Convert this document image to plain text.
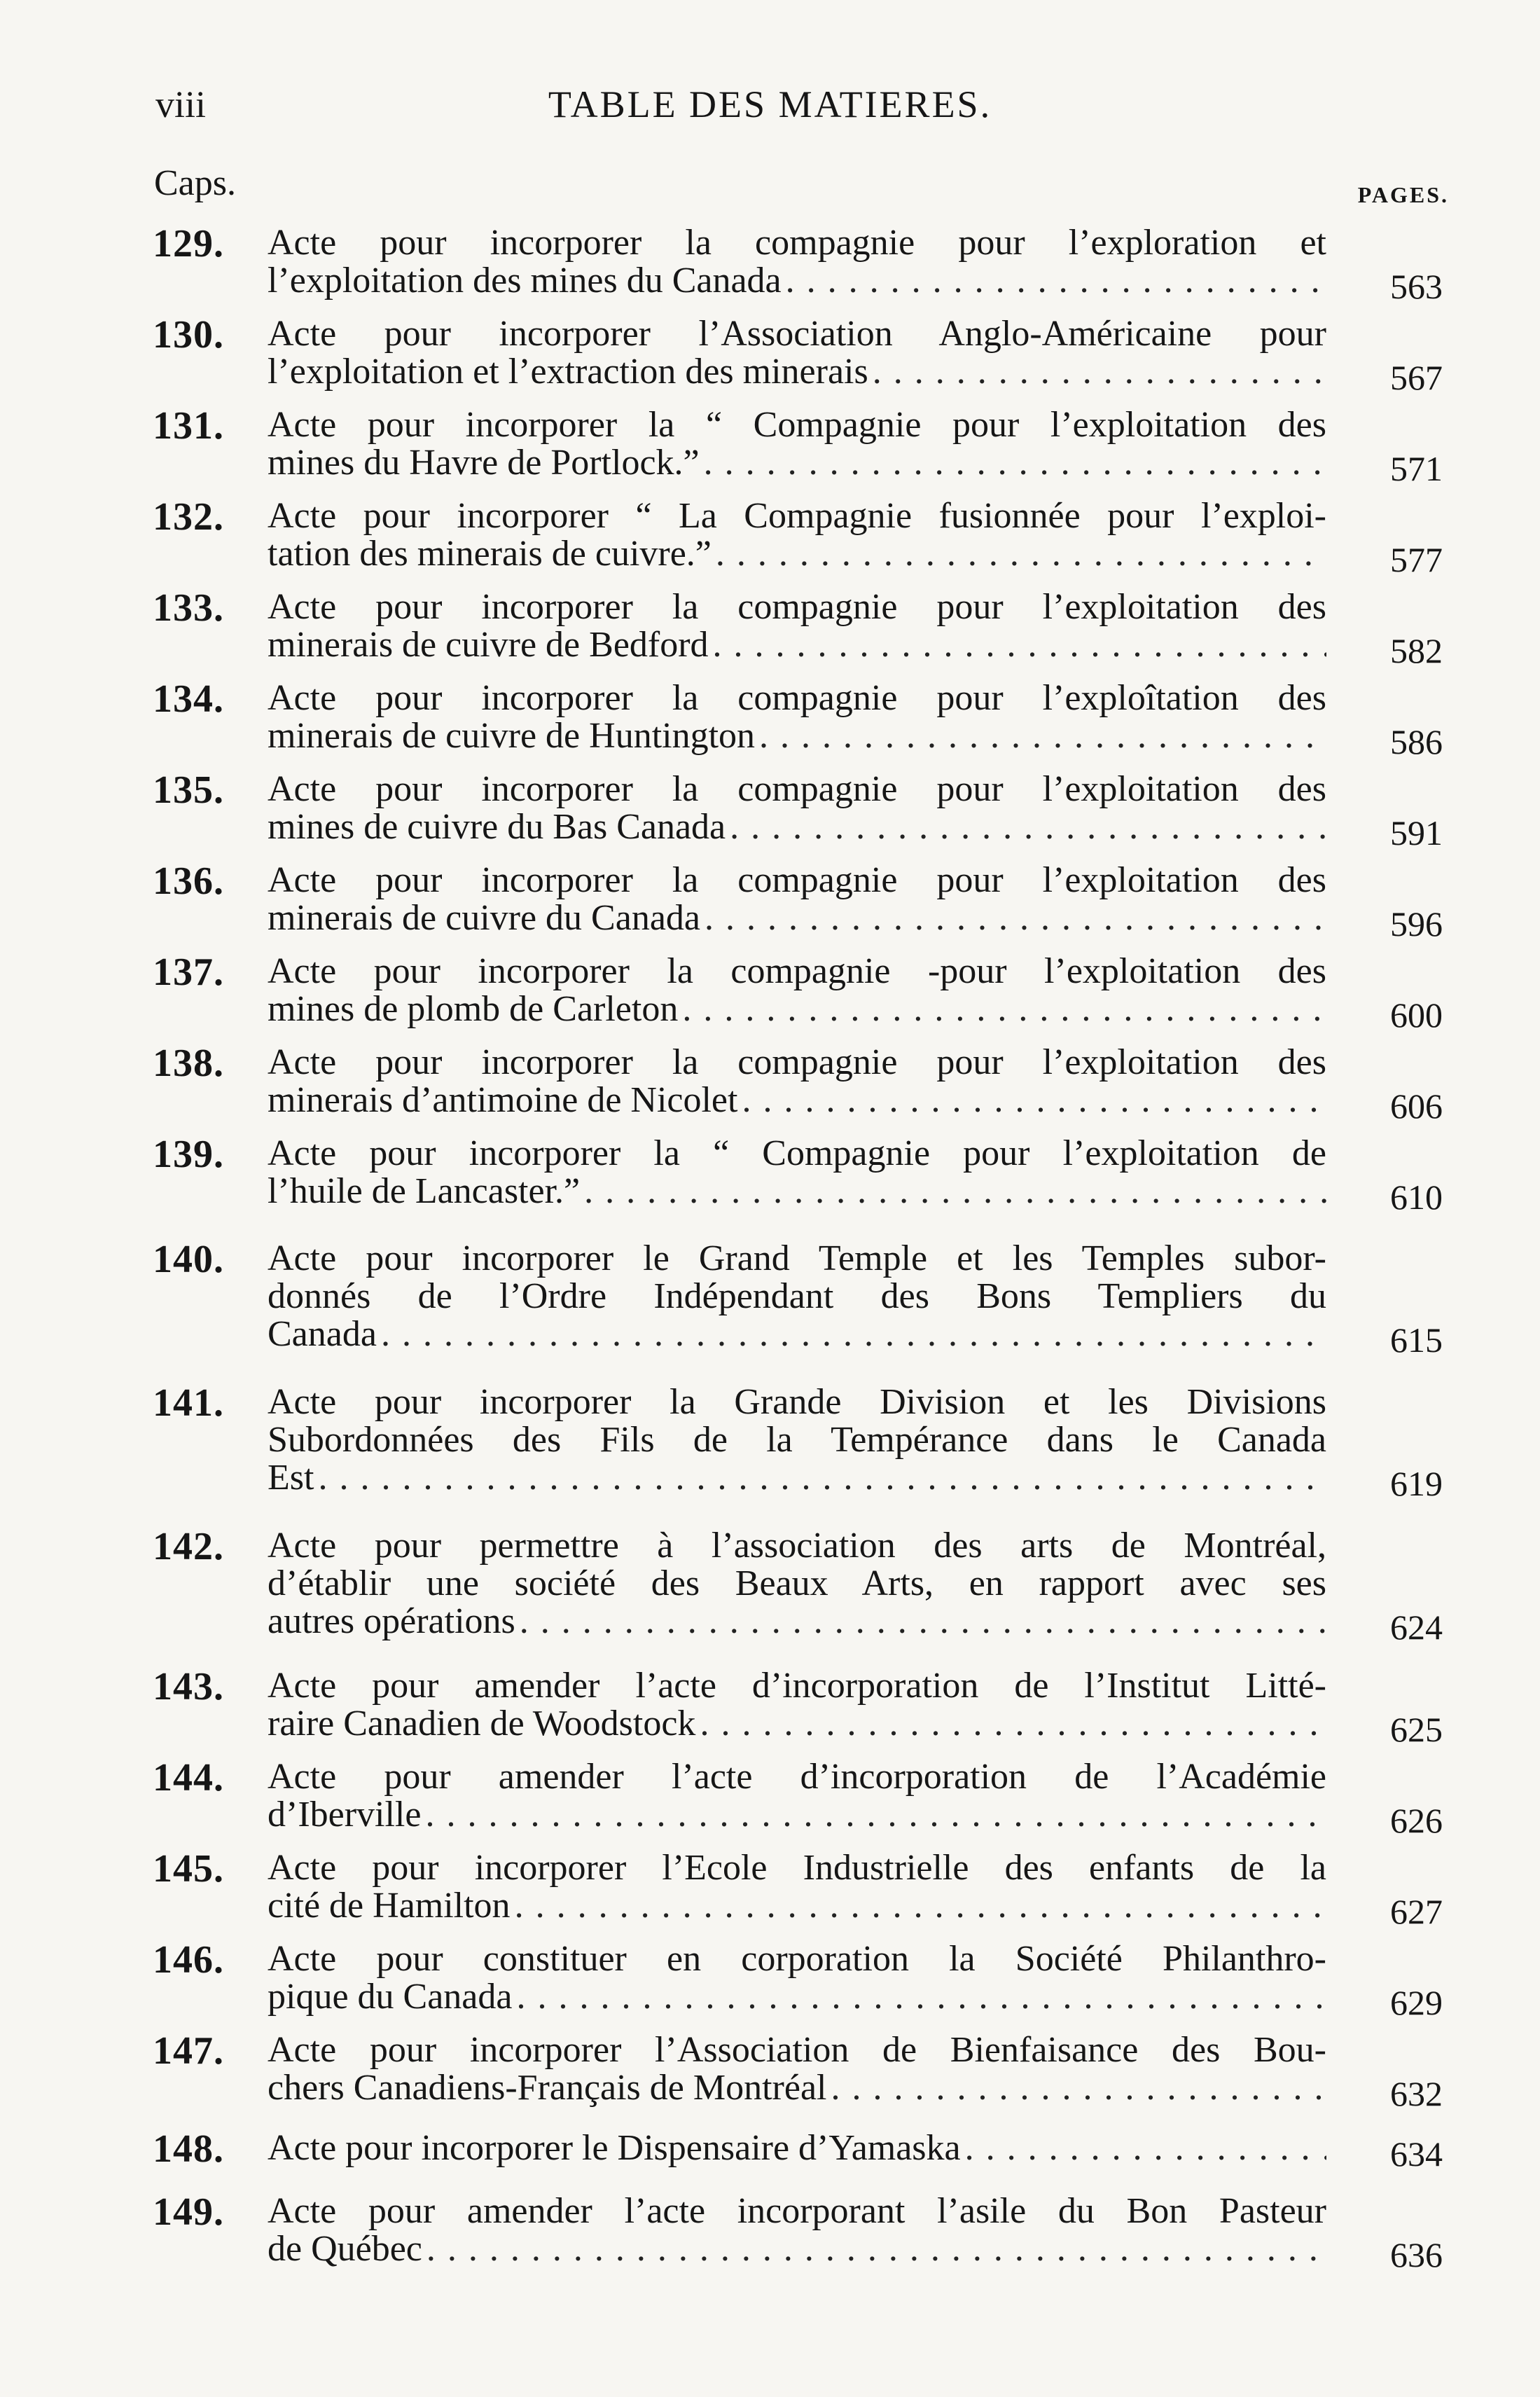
viii	TABLE DES MATIERES.
Caps.	PAGES.
129.	Acte pour incorporer la compagnie pour l’exploration et
l’exploitation des mines du Canada . . .	563
130.	Acte pour incorporer l’Association Anglo-Américaine pour
l’exploitation et l’extraction des minerais . . .	567
131.	Acte pour incorporer la “ Compagnie pour l’exploitation des
mines du Havre de Portlock.” . . .	571
132.	Acte pour incorporer “ La Compagnie fusionnée pour l’exploi-
tation des minerais de cuivre.” . . .	577
133.	Acte pour incorporer la compagnie pour l’exploitation des
minerais de cuivre de Bedford . . .	582
134.	Acte pour incorporer la compagnie pour l’exploîtation des
minerais de cuivre de Huntington . . .	586
135.	Acte pour incorporer la compagnie pour l’exploitation des
mines de cuivre du Bas Canada . . .	591
136.	Acte pour incorporer la compagnie pour l’exploitation des
minerais de cuivre du Canada . . .	596
137.	Acte pour incorporer la compagnie ‑pour l’exploitation des
mines de plomb de Carleton . . .	600
138.	Acte pour incorporer la compagnie pour l’exploitation des
minerais d’antimoine de Nicolet . . .	606
139.	Acte pour incorporer la “ Compagnie pour l’exploitation de
l’huile de Lancaster.” . . .	610
140.	Acte pour incorporer le Grand Temple et les Temples subor-
donnés de l’Ordre Indépendant des Bons Templiers du
Canada . . .	615
141.	Acte pour incorporer la Grande Division et les Divisions
Subordonnées des Fils de la Tempérance dans le Canada
Est . . .	619
142.	Acte pour permettre à l’association des arts de Montréal,
d’établir une société des Beaux Arts, en rapport avec ses
autres opérations . . .	624
143.	Acte pour amender l’acte d’incorporation de l’Institut Litté-
raire Canadien de Woodstock . . .	625
144.	Acte pour amender l’acte d’incorporation de l’Académie
d’Iberville . . .	626
145.	Acte pour incorporer l’Ecole Industrielle des enfants de la
cité de Hamilton . . .	627
146.	Acte pour constituer en corporation la Société Philanthro-
pique du Canada . . .	629
147.	Acte pour incorporer l’Association de Bienfaisance des Bou-
chers Canadiens-Français de Montréal . . .	632
148.	Acte pour incorporer le Dispensaire d’Yamaska . . .	634
149.	Acte pour amender l’acte incorporant l’asile du Bon Pasteur
de Québec . . .	636
